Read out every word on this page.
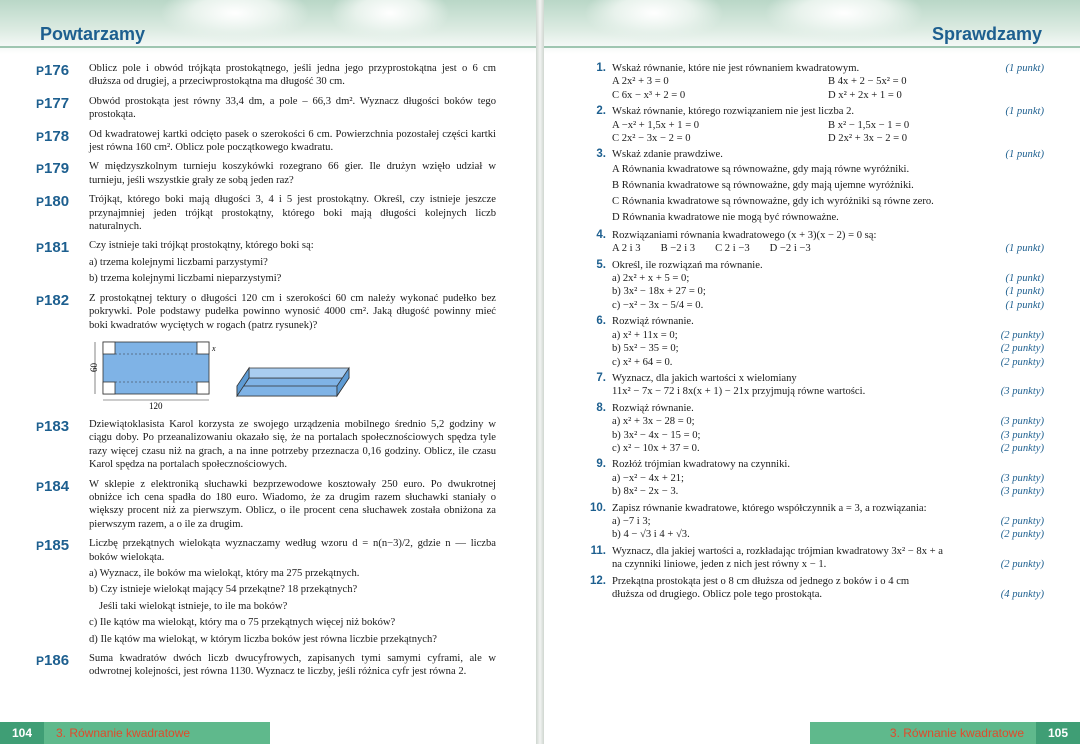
Powtarzamy
P176	Oblicz pole i obwód trójkąta prostokątnego, jeśli jedna jego przyprostokątna jest o 6 cm dłuższa od drugiej, a przeciwprostokątna ma długość 30 cm.
P177	Obwód prostokąta jest równy 33,4 dm, a pole – 66,3 dm². Wyznacz długości boków tego prostokąta.
P178	Od kwadratowej kartki odcięto pasek o szerokości 6 cm. Powierzchnia pozostałej części kartki jest równa 160 cm². Oblicz pole początkowego kwadratu.
P179	W międzyszkolnym turnieju koszykówki rozegrano 66 gier. Ile drużyn wzięło udział w turnieju, jeśli wszystkie grały ze sobą jeden raz?
P180	Trójkąt, którego boki mają długości 3, 4 i 5 jest prostokątny. Określ, czy istnieje jeszcze przynajmniej jeden trójkąt prostokątny, którego boki mają długości kolejnych liczb naturalnych.
P181	Czy istnieje taki trójkąt prostokątny, którego boki są:
a) trzema kolejnymi liczbami parzystymi?
b) trzema kolejnymi liczbami nieparzystymi?
P182	Z prostokątnej tektury o długości 120 cm i szerokości 60 cm należy wykonać pudełko bez pokrywki. Pole podstawy pudełka powinno wynosić 4000 cm². Jaką długość powinny mieć boki kwadratów wyciętych w rogach (patrz rysunek)?
120
60
x
P183	Dziewiątoklasista Karol korzysta ze swojego urządzenia mobilnego średnio 5,2 godziny w ciągu doby. Po przeanalizowaniu okazało się, że na portalach społecznościowych spędza tyle razy więcej czasu niż na grach, a na inne potrzeby przeznacza 0,16 godziny. Oblicz, ile czasu Karol spędza na portalach społecznościowych.
P184	W sklepie z elektroniką słuchawki bezprzewodowe kosztowały 250 euro. Po dwukrotnej obniżce ich cena spadła do 180 euro. Wiadomo, że za drugim razem słuchawki staniały o większy procent niż za pierwszym. Oblicz, o ile procent cena słuchawek została obniżona za pierwszym razem, a o ile za drugim.
P185	Liczbę przekątnych wielokąta wyznaczamy według wzoru d = n(n−3)/2, gdzie n — liczba boków wielokąta.
a) Wyznacz, ile boków ma wielokąt, który ma 275 przekątnych.
b) Czy istnieje wielokąt mający 54 przekątne? 18 przekątnych?
Jeśli taki wielokąt istnieje, to ile ma boków?
c) Ile kątów ma wielokąt, który ma o 75 przekątnych więcej niż boków?
d) Ile kątów ma wielokąt, w którym liczba boków jest równa liczbie przekątnych?
P186	Suma kwadratów dwóch liczb dwucyfrowych, zapisanych tymi samymi cyframi, ale w odwrotnej kolejności, jest równa 1130. Wyznacz te liczby, jeśli różnica cyfr jest równa 2.
104	3. Równanie kwadratowe
Sprawdzamy
1. Wskaż równanie, które nie jest równaniem kwadratowym.	(1 punkt)
A 2x² + 3 = 0	B 4x + 2 − 5x² = 0
C 6x − x³ + 2 = 0	D x² + 2x + 1 = 0
2. Wskaż równanie, którego rozwiązaniem nie jest liczba 2.	(1 punkt)
A −x² + 1,5x + 1 = 0	B x² − 1,5x − 1 = 0
C 2x² − 3x − 2 = 0	D 2x² + 3x − 2 = 0
3. Wskaż zdanie prawdziwe.	(1 punkt)
A Równania kwadratowe są równoważne, gdy mają równe wyróżniki.
B Równania kwadratowe są równoważne, gdy mają ujemne wyróżniki.
C Równania kwadratowe są równoważne, gdy ich wyróżniki są równe zero.
D Równania kwadratowe nie mogą być równoważne.
4. Rozwiązaniami równania kwadratowego (x + 3)(x − 2) = 0 są:
A 2 i 3 B −2 i 3 C 2 i −3 D −2 i −3	(1 punkt)
5. Określ, ile rozwiązań ma równanie.
a) 2x² + x + 5 = 0;	(1 punkt)
b) 3x² − 18x + 27 = 0;	(1 punkt)
c) −x² − 3x − 5/4 = 0.	(1 punkt)
6. Rozwiąż równanie.
a) x² + 11x = 0;	(2 punkty)
b) 5x² − 35 = 0;	(2 punkty)
c) x² + 64 = 0.	(2 punkty)
7. Wyznacz, dla jakich wartości x wielomiany
11x² − 7x − 72 i 8x(x + 1) − 21x przyjmują równe wartości.	(3 punkty)
8. Rozwiąż równanie.
a) x² + 3x − 28 = 0;	(3 punkty)
b) 3x² − 4x − 15 = 0;	(3 punkty)
c) x² − 10x + 37 = 0.	(2 punkty)
9. Rozłóż trójmian kwadratowy na czynniki.
a) −x² − 4x + 21;	(3 punkty)
b) 8x² − 2x − 3.	(3 punkty)
10. Zapisz równanie kwadratowe, którego współczynnik a = 3, a rozwiązania:
a) −7 i 3;	(2 punkty)
b) 4 − √3 i 4 + √3.	(2 punkty)
11. Wyznacz, dla jakiej wartości a, rozkładając trójmian kwadratowy 3x² − 8x + a
na czynniki liniowe, jeden z nich jest równy x − 1.	(2 punkty)
12. Przekątna prostokąta jest o 8 cm dłuższa od jednego z boków i o 4 cm
dłuższa od drugiego. Oblicz pole tego prostokąta.	(4 punkty)
3. Równanie kwadratowe	105
